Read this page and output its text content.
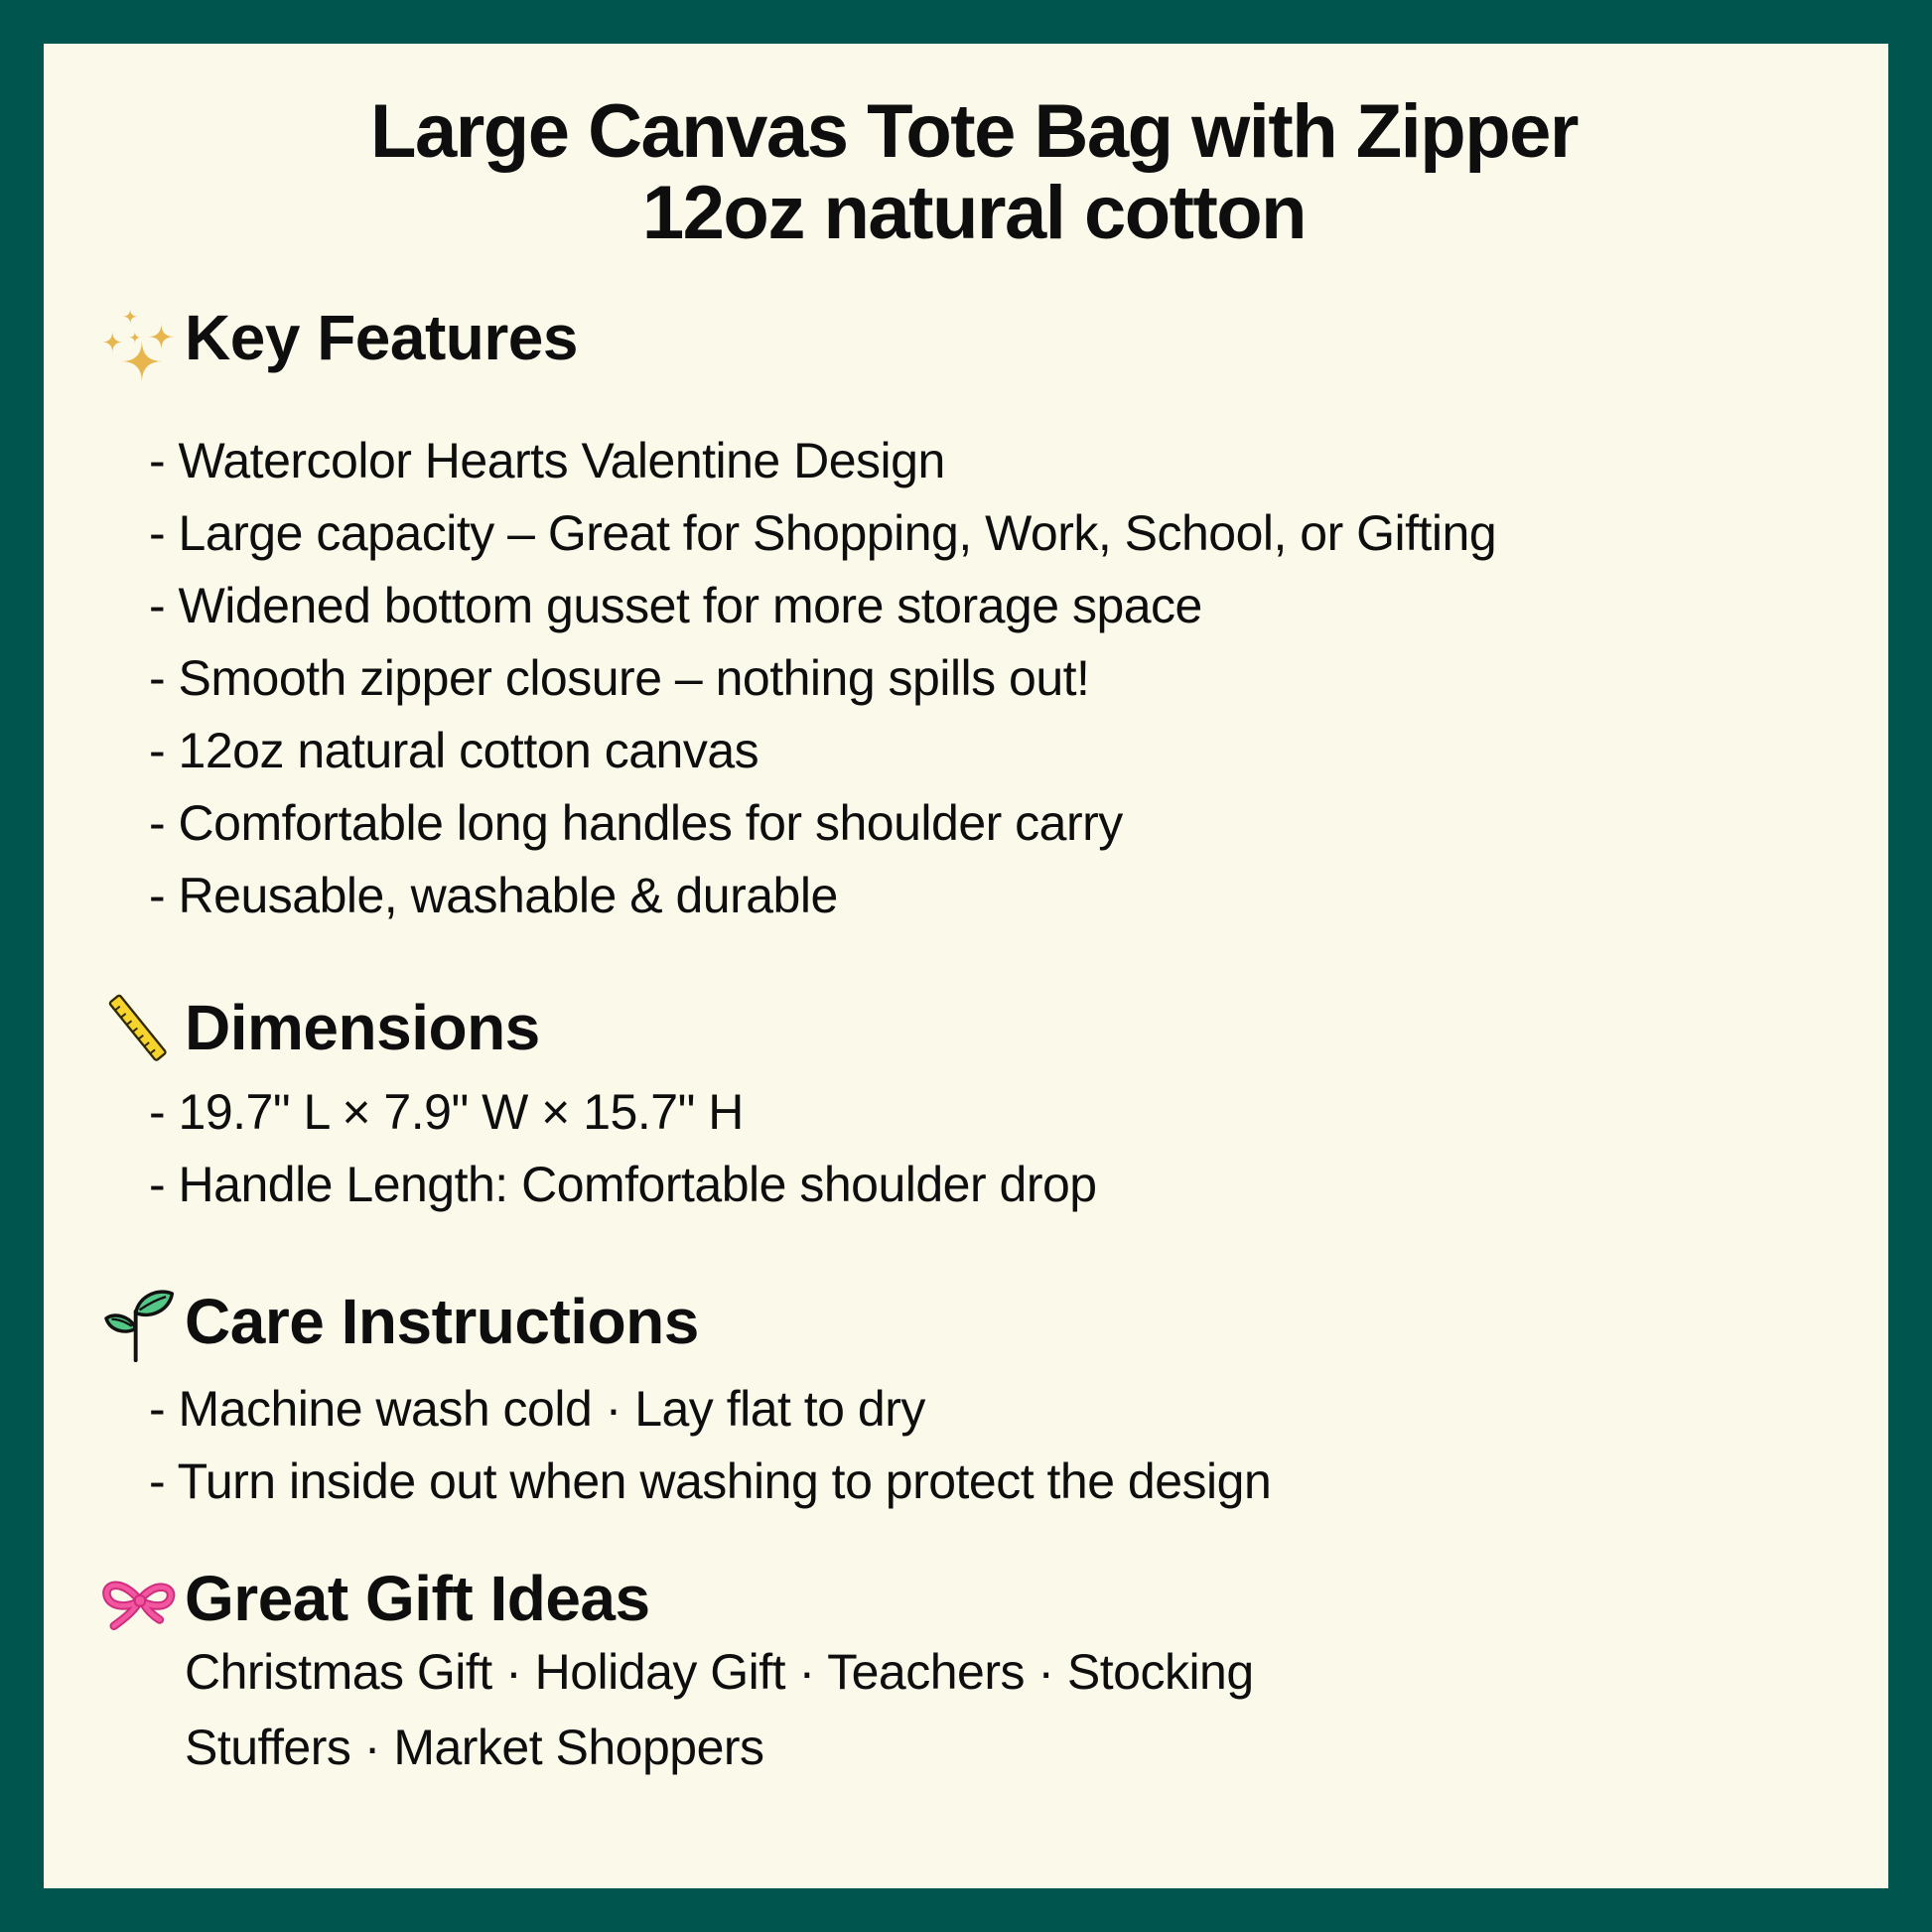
Large Canvas Tote Bag with Zipper
12oz natural cotton
Key Features
- Watercolor Hearts Valentine Design
- Large capacity – Great for Shopping, Work, School, or Gifting
- Widened bottom gusset for more storage space
- Smooth zipper closure – nothing spills out!
- 12oz natural cotton canvas
- Comfortable long handles for shoulder carry
- Reusable, washable & durable
Dimensions
- 19.7" L × 7.9" W × 15.7" H
- Handle Length: Comfortable shoulder drop
Care Instructions
- Machine wash cold · Lay flat to dry
- Turn inside out when washing to protect the design
Great Gift Ideas
Christmas Gift · Holiday Gift · Teachers · Stocking
Stuffers · Market Shoppers
